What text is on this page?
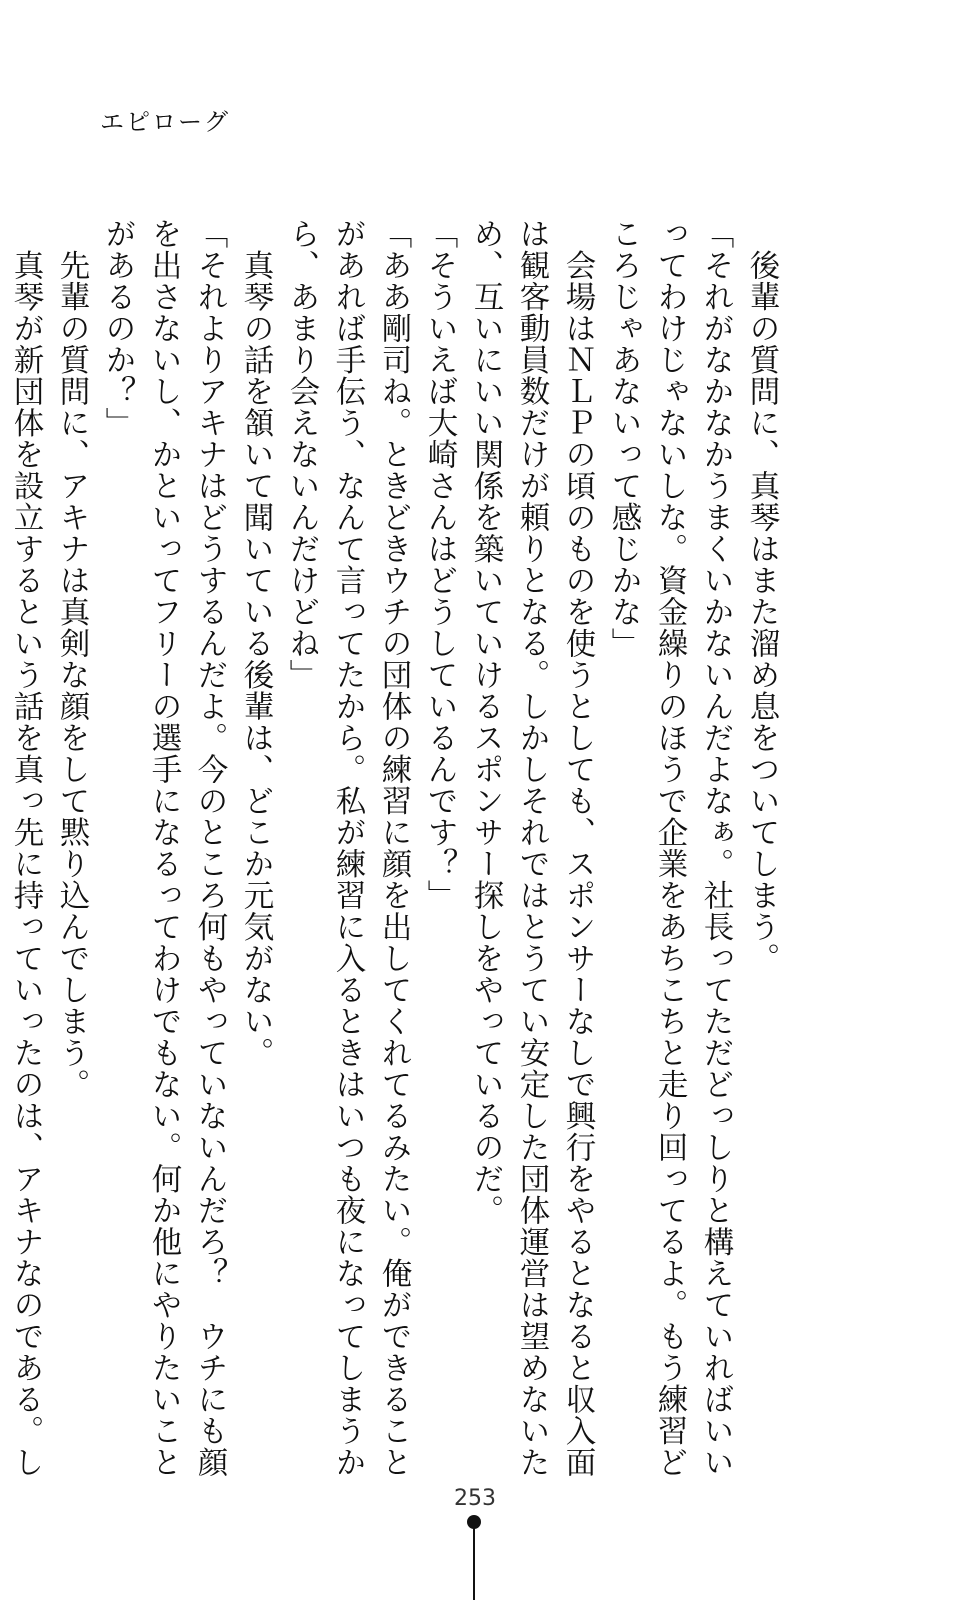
エピローグ

　後輩の質問に、真琴はまた溜め息をついてしまう。

「それがなかなかうまくいかないんだよなぁ。社長ってただどっしりと構えていればいい

ってわけじゃないしな。資金繰りのほうで企業をあちこちと走り回ってるよ。もう練習ど

ころじゃあないって感じかな」

　会場はＮＬＰの頃のものを使うとしても、スポンサーなしで興行をやるとなると収入面

は観客動員数だけが頼りとなる。しかしそれではとうてい安定した団体運営は望めないた

め、互いにいい関係を築いていけるスポンサー探しをやっているのだ。

「そういえば大崎さんはどうしているんです？」

「ああ剛司ね。ときどきウチの団体の練習に顔を出してくれてるみたい。俺ができること

があれば手伝う、なんて言ってたから。私が練習に入るときはいつも夜になってしまうか

ら、あまり会えないんだけどね」

　真琴の話を頷いて聞いている後輩は、どこか元気がない。

「それよりアキナはどうするんだよ。今のところ何もやっていないんだろ？　ウチにも顔

を出さないし、かといってフリーの選手になるってわけでもない。何か他にやりたいこと

があるのか？」

　先輩の質問に、アキナは真剣な顔をして黙り込んでしまう。

　真琴が新団体を設立するという話を真っ先に持っていったのは、アキナなのである。し

253
